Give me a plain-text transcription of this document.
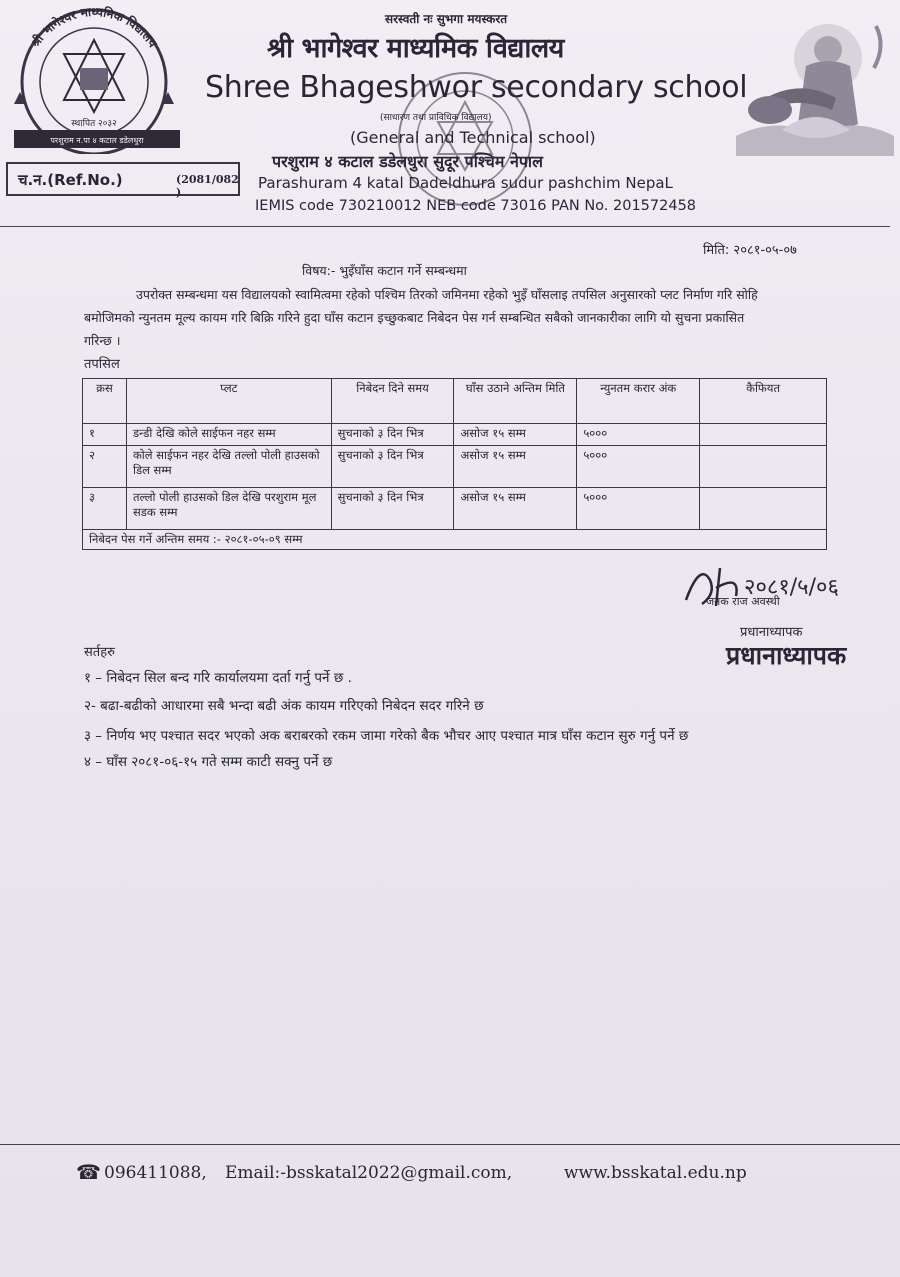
श्री भागेश्वर माध्यमिक विद्यालय
स्थापित २०३२
परशुराम न.पा ४ कटाल डडेलधुरा
सरस्वती नः सुभगा मयस्करत
श्री भागेश्वर माध्यमिक विद्यालय
Shree Bhageshwor secondary school
(साधारण तथा प्राविधिक विद्यालय)
(General and Technical school)
परशुराम ४ कटाल डडेलधुरा सुदूर पश्चिम नेपाल
Parashuram 4 katal Dadeldhura sudur pashchim NepaL
IEMIS code 730210012 NEB code 73016 PAN No. 201572458
च.न.(Ref.No.)	(2081/082 )
मिति: २०८१-०५-०७
विषय:- भुइँघाँस कटान गर्ने सम्बन्धमा
उपरोक्त सम्बन्धमा यस विद्यालयको स्वामित्वमा रहेको पश्चिम तिरको जमिनमा रहेको भुइँ घाँसलाइ तपसिल अनुसारको प्लट निर्माण गरि सोहि
बमोजिमको न्युनतम मूल्य कायम गरि बिक्रि गरिने हुदा घाँस कटान इच्छुकबाट निबेदन पेस गर्न सम्बन्धित सबैको जानकारीका लागि यो सुचना प्रकासित
गरिन्छ ।
तपसिल
क्रस	प्लट	निबेदन दिने समय	घाँस उठाने अन्तिम मिति	न्युनतम करार अंक	कैफियत
१	डन्डी देखि कोले साईफन नहर सम्म	सुचनाको ३ दिन भित्र	असोज १५ सम्म	५०००	
२	कोले साईफन नहर देखि तल्लो पोली हाउसको डिल सम्म	सुचनाको ३ दिन भित्र	असोज १५ सम्म	५०००	
३	तल्लो पोली हाउसको डिल देखि परशुराम मूल सडक सम्म	सुचनाको ३ दिन भित्र	असोज १५ सम्म	५०००	
निबेदन पेस गर्ने अन्तिम समय :- २०८१-०५-०९ सम्म					
२०८१/५/०६
जनक राज अवस्थी
प्रधानाध्यापक
प्रधानाध्यापक
सर्तहरु
१ – निबेदन सिल बन्द गरि कार्यालयमा दर्ता गर्नु पर्ने छ .
२- बढा-बढीको आधारमा सबै भन्दा बढी अंक कायम गरिएको निबेदन सदर गरिने छ
३ – निर्णय भए पश्चात सदर भएको अक बराबरको रकम जामा गरेको बैक भौचर आए पश्चात मात्र घाँस कटान सुरु गर्नु पर्ने छ
४ – घाँस २०८१-०६-१५ गते सम्म काटी सक्नु पर्ने छ
☎ 096411088, Email:-bsskatal2022@gmail.com,	www.bsskatal.edu.np
